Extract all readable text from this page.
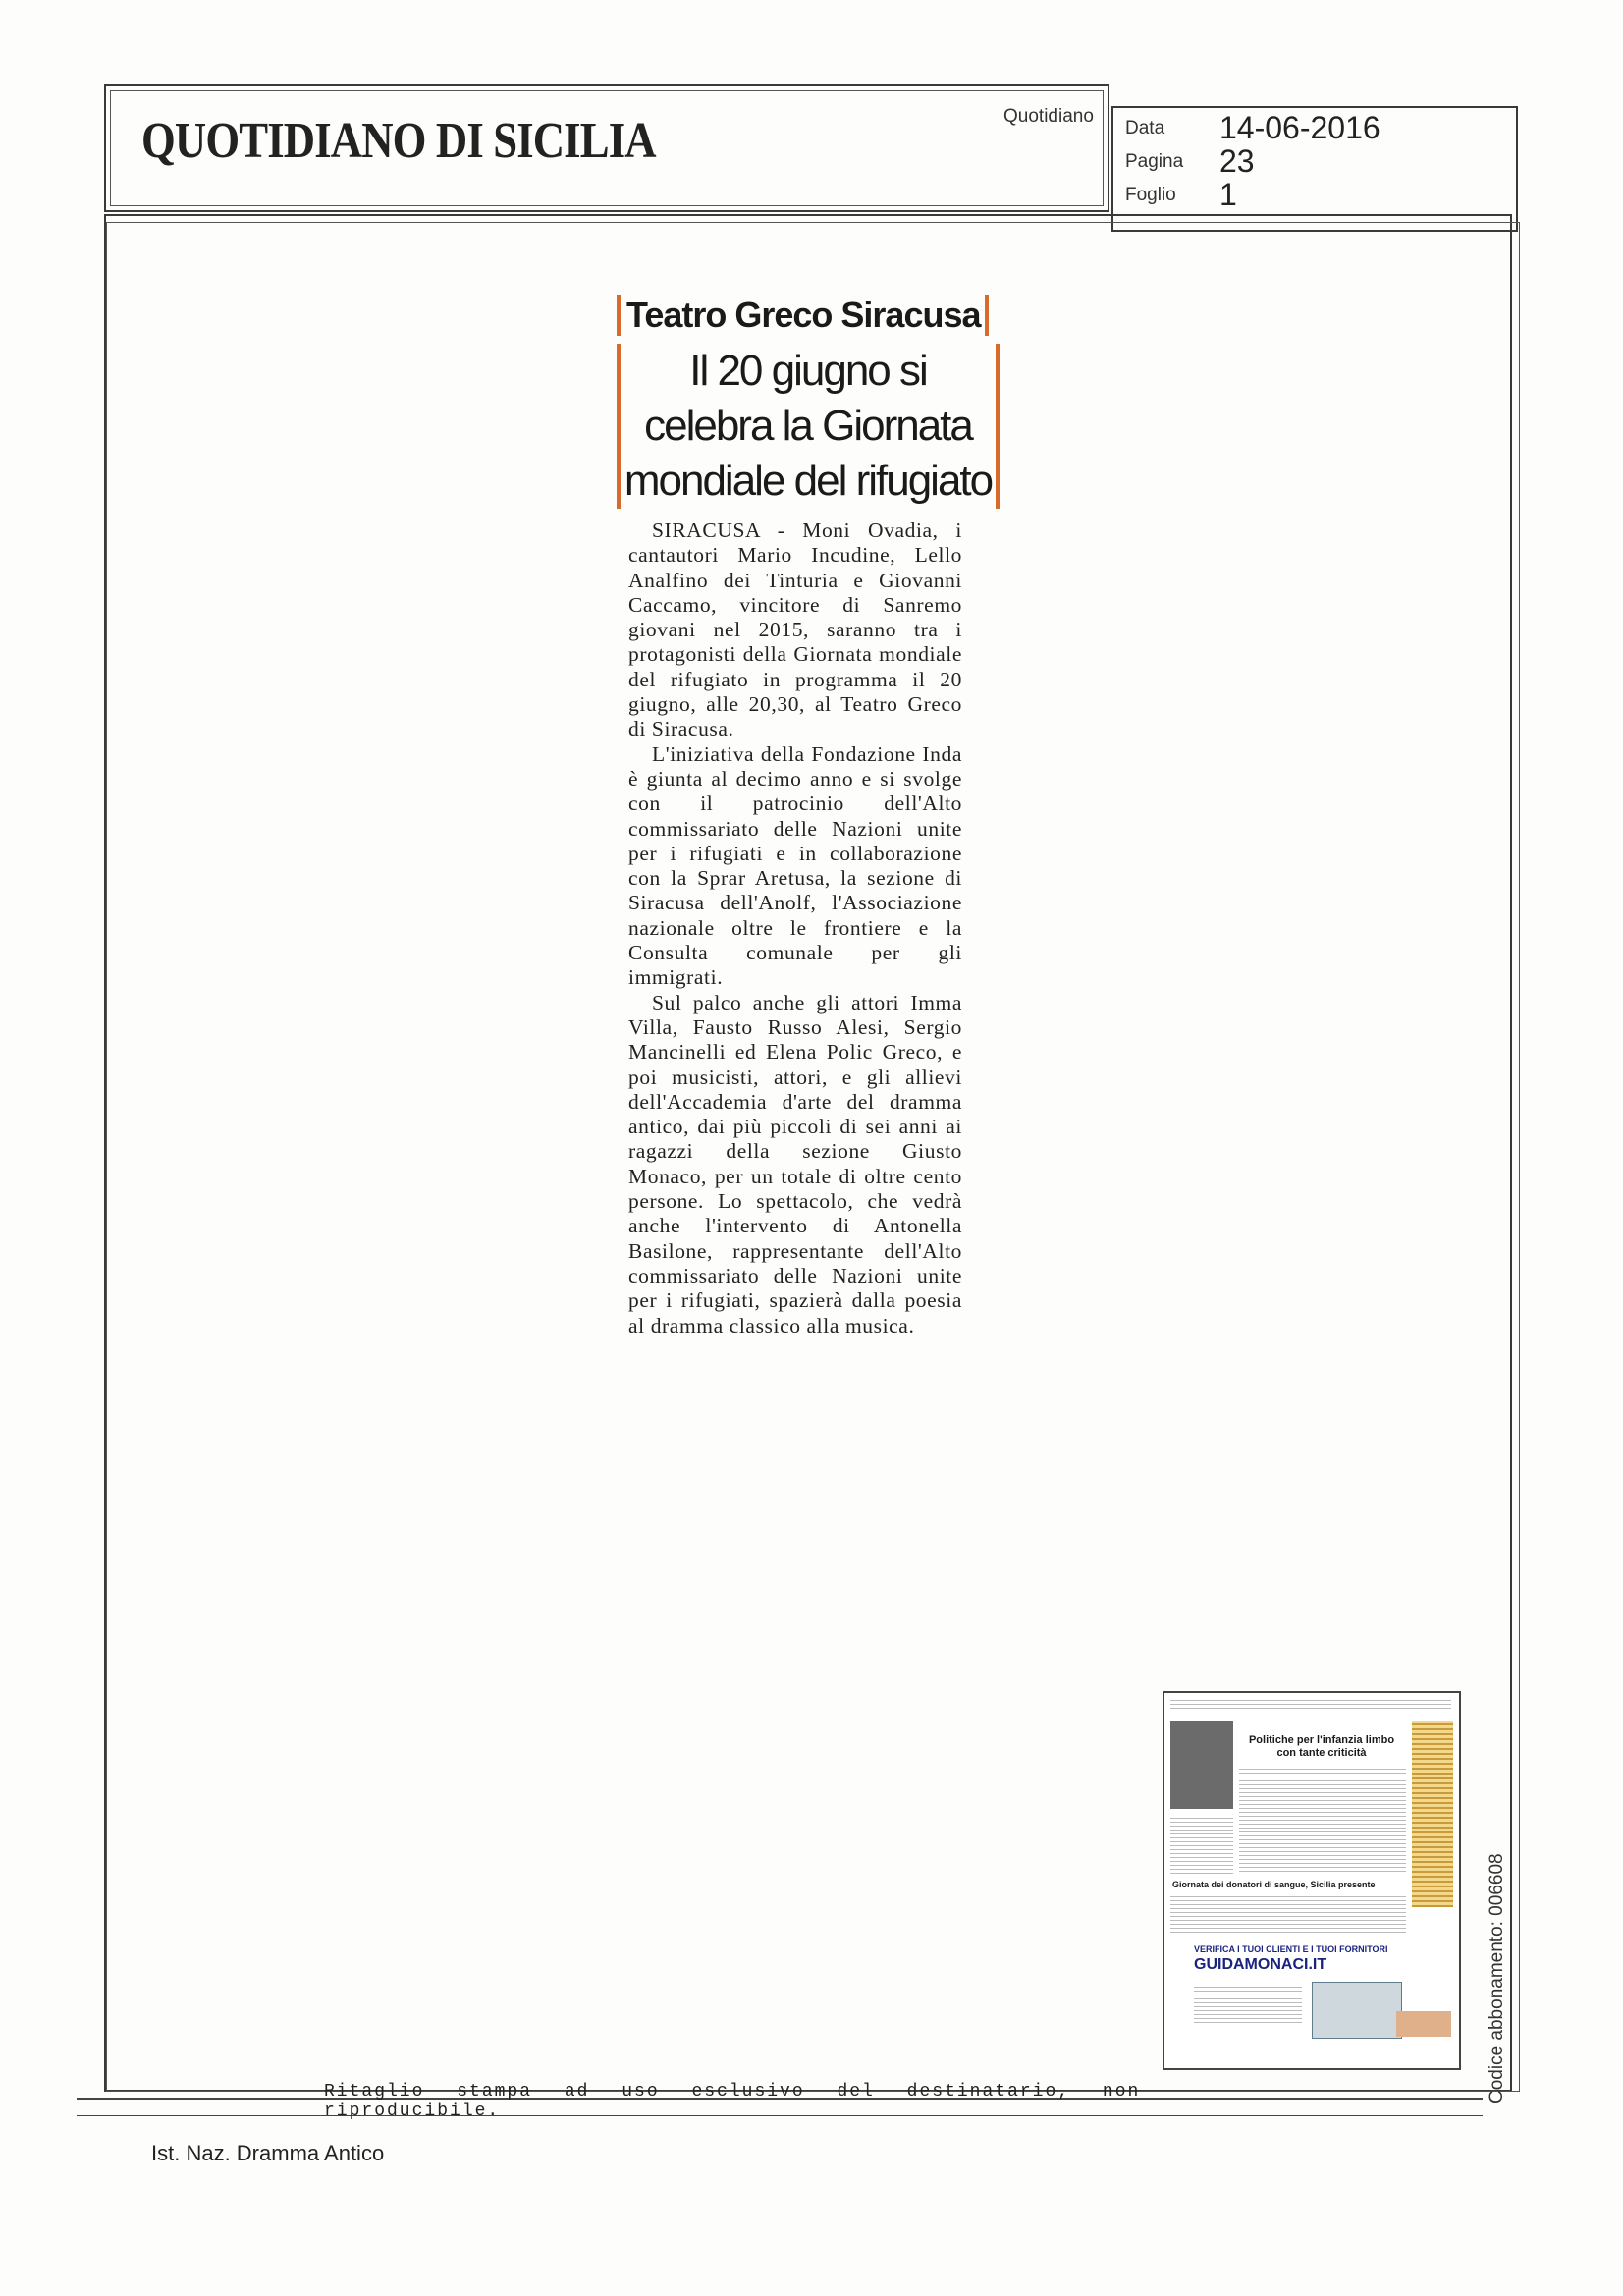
QUOTIDIANO DI SICILIA	Quotidiano
Data 14-06-2016
Pagina 23
Foglio 1
Teatro Greco Siracusa
Il 20 giugno si celebra la Giornata mondiale del rifugiato

SIRACUSA - Moni Ovadia, i cantautori Mario Incudine, Lello Analfino dei Tinturia e Giovanni Caccamo, vincitore di Sanremo giovani nel 2015, saranno tra i protagonisti della Giornata mondiale del rifugiato in programma il 20 giugno, alle 20,30, al Teatro Greco di Siracusa.

L'iniziativa della Fondazione Inda è giunta al decimo anno e si svolge con il patrocinio dell'Alto commissariato delle Nazioni unite per i rifugiati e in collaborazione con la Sprar Aretusa, la sezione di Siracusa dell'Anolf, l'Associazione nazionale oltre le frontiere e la Consulta comunale per gli immigrati.

Sul palco anche gli attori Imma Villa, Fausto Russo Alesi, Sergio Mancinelli ed Elena Polic Greco, e poi musicisti, attori, e gli allievi dell'Accademia d'arte del dramma antico, dai più piccoli di sei anni ai ragazzi della sezione Giusto Monaco, per un totale di oltre cento persone. Lo spettacolo, che vedrà anche l'intervento di Antonella Basilone, rappresentante dell'Alto commissariato delle Nazioni unite per i rifugiati, spazierà dalla poesia al dramma classico alla musica.

Politiche per l'infanzia limbo con tante criticità
Giornata dei donatori di sangue, Sicilia presente
VERIFICA I TUOI CLIENTI E I TUOI FORNITORI
GUIDAMONACI.IT
Ritaglio stampa ad uso esclusivo del destinatario, non riproducibile.
Codice abbonamento: 006608
Ist. Naz. Dramma Antico
